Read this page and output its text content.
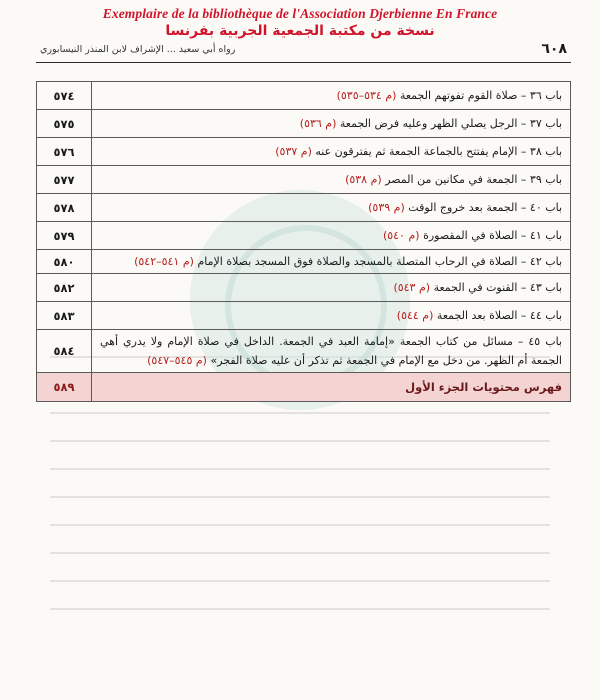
Exemplaire de la bibliothèque de l'Association Djerbienne En France
نسخة من مكتبة الجمعية الجربية بفرنسا
٦٠٨
رواه أبي سعيد ... الإشراف لابن المنذر النيسابوري
باب ٣٦ – صلاة القوم تفوتهم الجمعة (م ٥٣٤–٥٣٥)	٥٧٤
باب ٣٧ – الرجل يصلي الظهر وعليه فرض الجمعة (م ٥٣٦)	٥٧٥
باب ٣٨ – الإمام يفتتح بالجماعة الجمعة ثم يفترقون عنه (م ٥٣٧)	٥٧٦
باب ٣٩ – الجمعة في مكانين من المصر (م ٥٣٨)	٥٧٧
باب ٤٠ – الجمعة بعد خروج الوقت (م ٥٣٩)	٥٧٨
باب ٤١ – الصلاة في المقصورة (م ٥٤٠)	٥٧٩
باب ٤٢ – الصلاة في الرحاب المتصلة بالمسجد والصلاة فوق المسجد بصلاة الإمام (م ٥٤١–٥٤٢)	٥٨٠
باب ٤٣ – القنوت في الجمعة (م ٥٤٣)	٥٨٢
باب ٤٤ – الصلاة بعد الجمعة (م ٥٤٤)	٥٨٣
باب ٤٥ – مسائل من كتاب الجمعة «إمامة العبد في الجمعة. الداخل في صلاة الإمام ولا يدري أهي الجمعة أم الظهر. من دخل مع الإمام في الجمعة ثم تذكر أن عليه صلاة الفجر» (م ٥٤٥–٥٤٧)	٥٨٤
فهرس محتويات الجزء الأول	٥٨٩
